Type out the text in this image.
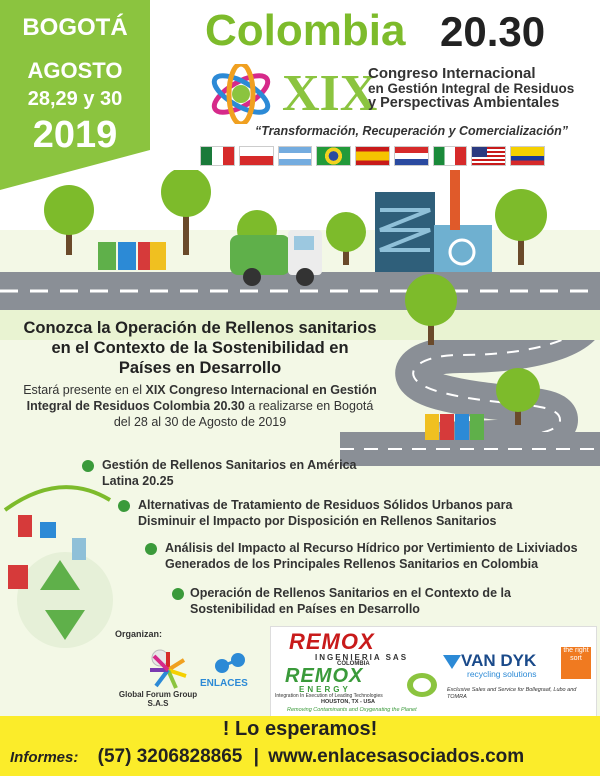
BOGOTÁ
AGOSTO
28,29 y 30
2019
Colombia 20.30
XIX
Congreso Internacional
en Gestión Integral de Residuos
y Perspectivas Ambientales
“Transformación, Recuperación y Comercialización”
Conozca la Operación de Rellenos sanitarios
en el Contexto de la Sostenibilidad en
Países en Desarrollo
Estará presente en el XIX Congreso Internacional en Gestión Integral de Residuos Colombia 20.30 a realizarse en Bogotá del 28 al 30 de Agosto de 2019
Gestión de Rellenos Sanitarios en América
Latina 20.25
Alternativas de Tratamiento de Residuos Sólidos Urbanos para
Disminuir el Impacto por Disposición en Rellenos Sanitarios
Análisis del Impacto al Recurso Hídrico por Vertimiento de Lixiviados
Generados de los Principales Rellenos Sanitarios en Colombia
Operación de Rellenos Sanitarios en el Contexto de la
Sostenibilidad en Países en Desarrollo
Organizan:
Global Forum Group S.A.S
ENLACES
REMOX
INGENIERIA SAS
COLOMBIA
REMOX
ENERGY
Integration In Execution of Leading Technologies
HOUSTON, TX - USA
Removing Contaminants and Oxygenating the Planet
VAN DYK
recycling solutions
the right sort
Exclusive Sales and Service for Bollegraaf, Lubo and TOMRA
! Lo esperamos!
Informes: (57) 3206828865 | www.enlacesasociados.com
